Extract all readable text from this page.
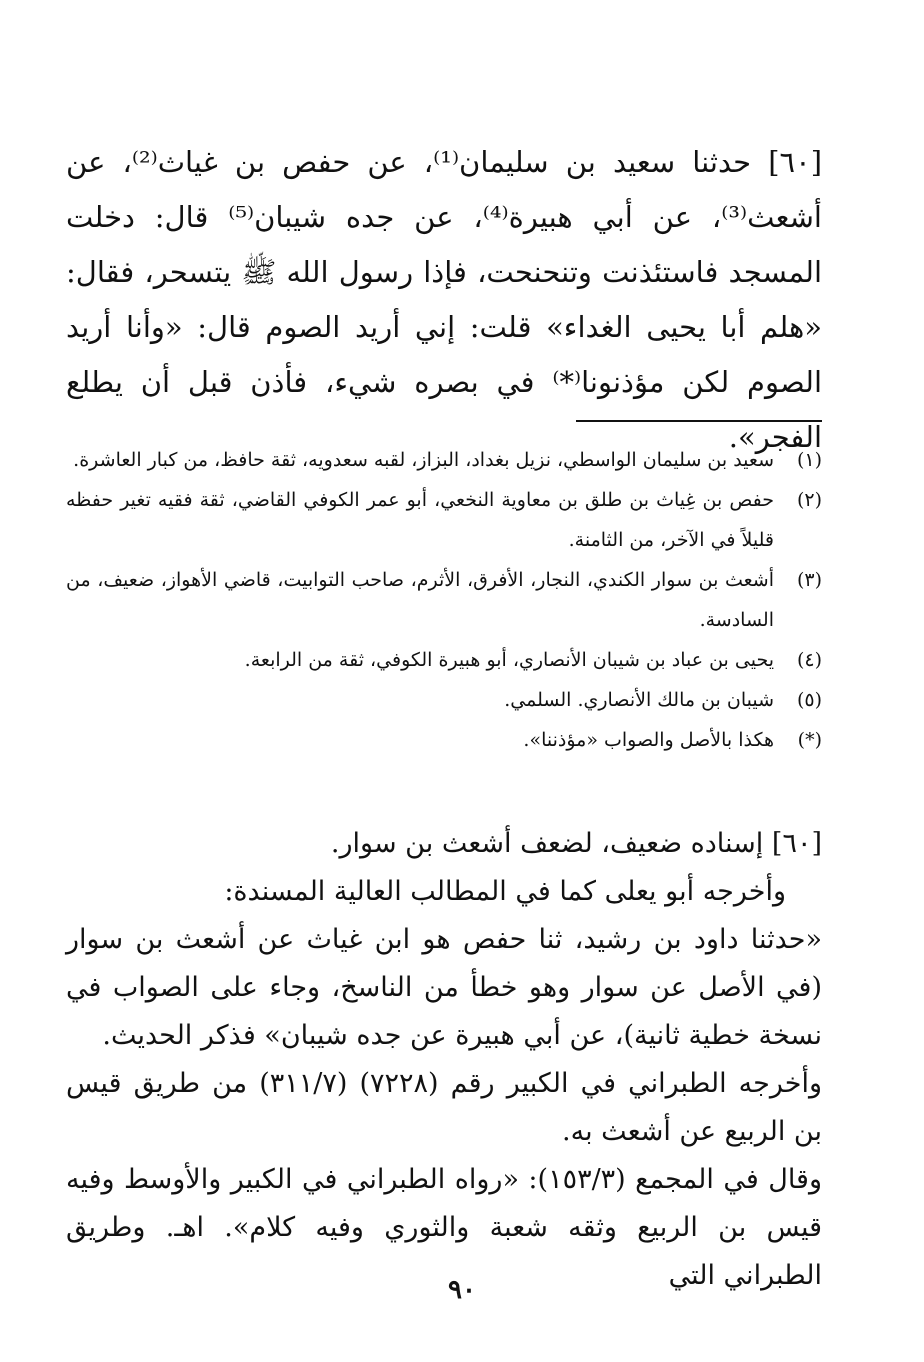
[٦٠] حدثنا سعيد بن سليمان⁽¹⁾، عن حفص بن غياث⁽²⁾، عن أشعث⁽³⁾، عن أبي هبيرة⁽⁴⁾، عن جده شيبان⁽⁵⁾ قال: دخلت المسجد فاستئذنت وتنحنحت، فإذا رسول الله ﷺ يتسحر، فقال: «هلم أبا يحيى الغداء» قلت: إني أريد الصوم قال: «وأنا أريد الصوم لكن مؤذنونا⁽*⁾ في بصره شيء، فأذن قبل أن يطلع الفجر».

(١)
سعيد بن سليمان الواسطي، نزيل بغداد، البزاز، لقبه سعدويه، ثقة حافظ، من كبار العاشرة.
(٢)
حفص بن غِياث بن طلق بن معاوية النخعي، أبو عمر الكوفي القاضي، ثقة فقيه تغير حفظه قليلاً في الآخر، من الثامنة.
(٣)
أشعث بن سوار الكندي، النجار، الأفرق، الأثرم، صاحب التوابيت، قاضي الأهواز، ضعيف، من السادسة.
(٤)
يحيى بن عباد بن شيبان الأنصاري، أبو هبيرة الكوفي، ثقة من الرابعة.
(٥)
شيبان بن مالك الأنصاري. السلمي.
(*)
هكذا بالأصل والصواب «مؤذننا».

[٦٠] إسناده ضعيف، لضعف أشعث بن سوار.

وأخرجه أبو يعلى كما في المطالب العالية المسندة:

«حدثنا داود بن رشيد، ثنا حفص هو ابن غياث عن أشعث بن سوار (في الأصل عن سوار وهو خطأ من الناسخ، وجاء على الصواب في نسخة خطية ثانية)، عن أبي هبيرة عن جده شيبان» فذكر الحديث.

وأخرجه الطبراني في الكبير رقم (٧٢٢٨) (٣١١/٧) من طريق قيس بن الربيع عن أشعث به.

وقال في المجمع (١٥٣/٣): «رواه الطبراني في الكبير والأوسط وفيه قيس بن الربيع وثقه شعبة والثوري وفيه كلام». اهـ. وطريق الطبراني التي

٩٠
